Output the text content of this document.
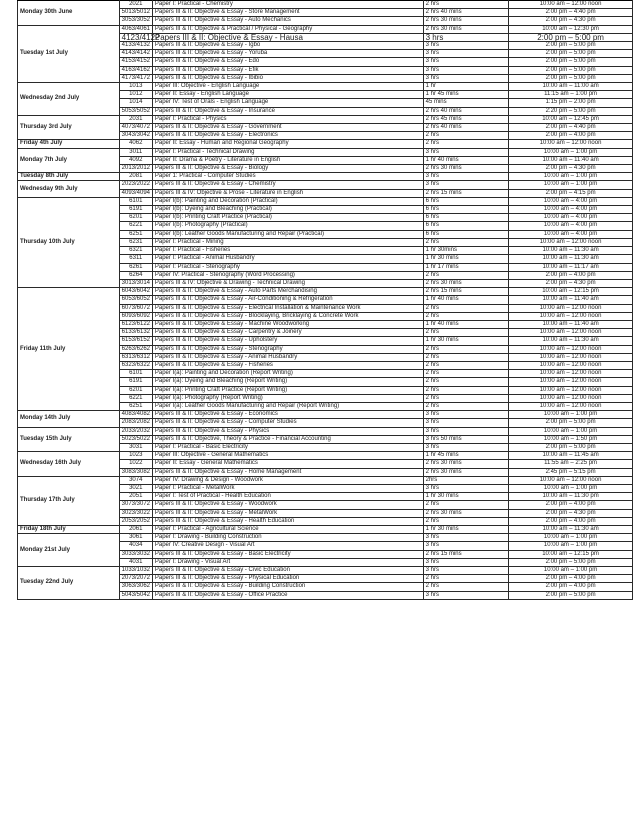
Monday 30th June	2021	Paper I: Practical - Chemistry	2 hrs	10:00 am – 12:00 noon
	5013/5012	Papers III & II: Objective & Essay - Store Management	2 hrs 40 mins	2:00 pm – 4:40 pm
	3053/3052	Papers III & II: Objective & Essay - Auto Mechanics	2 hrs 30 mins	2:00 pm – 4:30 pm
Tuesday 1st July	4063/4061	Papers III & II: Objective & Practical / Physical - Geography	2 hrs 30 mins	10:00 am – 12:30 pm
	4123/4122	Papers III & II: Objective & Essay - Hausa	3 hrs	2:00 pm – 5:00 pm
	4133/4132	Papers III & II: Objective & Essay - Igbo	3 hrs	2:00 pm – 5:00 pm
	4143/4142	Papers III & II: Objective & Essay - Yoruba	3 hrs	2:00 pm – 5:00 pm
	4153/4152	Papers III & II: Objective & Essay - Edo	3 hrs	2:00 pm – 5:00 pm
	4163/4162	Papers III & II: Objective & Essay - Efik	3 hrs	2:00 pm – 5:00 pm
	4173/4172	Papers III & II: Objective & Essay - Ibibio	3 hrs	2:00 pm – 5:00 pm
Wednesday 2nd July	1013	Paper III: Objective - English Language	1 hr	10:00 am – 11:00 am
	1012	Paper II: Essay - English Language	1 hr 45 mins	11:15 am – 1:00 pm
	1014	Paper IV: Test of Orals - English Language	45 mins	1:15 pm – 2:00 pm
	5053/5052	Papers III & II: Objective & Essay - Insurance	2 hrs 40 mins	2:20 pm – 5:00 pm
Thursday 3rd July	2031	Paper I: Practical - Physics	2 hrs 45 mins	10:00 am – 12:45 pm
	4073/4072	Papers III & II: Objective & Essay - Government	2 hrs 40 mins	2:00 pm – 4:40 pm
	3043/3042	Papers III & II: Objective & Essay - Electronics	2 hrs	2:00 pm – 4:00 pm
Friday 4th July	4062	Paper II: Essay - Human and Regional Geography	2 hrs	10:00 am – 12:00 noon
Monday 7th July	3011	Paper I: Practical - Technical Drawing	3 hrs	10:00 am – 1:00 pm
	4092	Paper II: Drama & Poetry - Literature in English	1 hr 40 mins	10:00 am – 11:40 am
	2013/2012	Papers III & II: Objective & Essay - Biology	2 hrs 30 mins	2:00 pm – 4:30 pm
Tuesday 8th July	2081	Paper 1: Practical - Computer Studies	3 hrs	10:00 am – 1:00 pm
Wednesday 9th July	2023/2022	Papers III & II: Objective & Essay - Chemistry	3 hrs	10:00 am – 1:00 pm
	4093/4094	Papers III & IV: Objective & Prose - Literature in English	2 hrs 15 mins	2:00 pm – 4:15 pm
Thursday 10th July	6101	Paper I(b): Painting and Decoration (Practical)	6 hrs	10:00 am – 4:00 pm
	6191	Paper I(b): Dyeing and Bleaching (Practical)	6 hrs	10:00 am – 4:00 pm
	6201	Paper I(b): Printing Craft Practice (Practical)	6 hrs	10:00 am – 4:00 pm
	6221	Paper I(b): Photography (Practical)	6 hrs	10:00 am – 4:00 pm
	6251	Paper I(b): Leather Goods Manufacturing and Repair (Practical)	6 hrs	10:00 am – 4:00 pm
	6231	Paper I: Practical - Mining	2 hrs	10:00 am – 12:00 noon
	6321	Paper I: Practical - Fisheries	1 hr 30mins	10:00 am – 11:30 am
	6311	Paper I: Practical - Animal Husbandry	1 hr 30 mins	10:00 am – 11:30 am
	6261	Paper I: Practical - Stenography	1 hr 17 mins	10:00 am – 11:17 am
	6264	Paper IV: Practical - Stenography (Word Processing)	2 hrs	2:00 pm – 4:00 pm
	3013/3014	Papers III & IV: Objective & Drawing - Technical Drawing	2 hrs 30 mins	2:00 pm – 4:30 pm
Friday 11th July	6043/6042	Papers III & II: Objective & Essay - Auto Parts Merchandising	2 hrs 15 mins	10:00 am – 12:15 pm
	6053/6052	Papers III & II: Objective & Essay - Air-Conditioning & Refrigeration	1 hr 40 mins	10:00 am – 11:40 am
	6073/6072	Papers III & II: Objective & Essay - Electrical Installation & Maintenance Work	2 hrs	10:00 am – 12:00 noon
	6093/6092	Papers III & II: Objective & Essay - Blocklaying, Bricklaying & Concrete Work	2 hrs	10:00 am – 12:00 noon
	6123/6122	Papers III & II: Objective & Essay - Machine Woodworking	1 hr 40 mins	10:00 am – 11:40 am
	6133/6132	Papers III & II: Objective & Essay - Carpentry & Joinery	2 hrs	10:00 am – 12:00 noon
	6153/6152	Papers III & II: Objective & Essay - Upholstery	1 hr 30 mins	10:00 am – 11:30 am
	6263/6262	Papers III & II: Objective & Essay - Stenography	2 hrs	10:00 am – 12:00 noon
	6313/6312	Papers III & II: Objective & Essay - Animal Husbandry	2 hrs	10:00 am – 12:00 noon
	6323/6322	Papers III & II: Objective & Essay - Fisheries	2 hrs	10:00 am – 12:00 noon
	6101	Paper I(a): Painting and Decoration (Report Writing)	2 hrs	10:00 am – 12:00 noon
	6191	Paper I(a): Dyeing and Bleaching (Report Writing)	2 hrs	10:00 am – 12:00 noon
	6201	Paper I(a): Printing Craft Practice (Report Writing)	2 hrs	10:00 am – 12:00 noon
	6221	Paper I(a): Photography (Report Writing)	2 hrs	10:00 am – 12:00 noon
	6251	Paper I(a): Leather Goods Manufacturing and Repair (Report Writing)	2 hrs	10:00 am – 12:00 noon
Monday 14th July	4083/4082	Papers III & II: Objective & Essay - Economics	3 hrs	10:00 am – 1:00 pm
	2083/2082	Papers III & II: Objective & Essay - Computer Studies	3 hrs	2:00 pm – 5:00 pm
Tuesday 15th July	2033/2032	Papers III & II: Objective & Essay - Physics	3 hrs	10:00 am – 1:00 pm
	5023/5022	Papers III & II: Objective, Theory & Practice - Financial Accounting	3 hrs 50 mins	10:00 am – 1:50 pm
	3031	Paper I: Practical - Basic Electricity	3 hrs	2:00 pm – 5:00 pm
Wednesday 16th July	1023	Paper III: Objective - General Mathematics	1 hr 45 mins	10:00 am – 11:45 am
	1022	Paper II: Essay - General Mathematics	2 hrs 30 mins	11:55 am – 2:25 pm
	3083/3082	Papers III & II: Objective & Essay - Home Management	2 hrs 30 mins	2:45 pm – 5:15 pm
Thursday 17th July	3074	Paper IV: Drawing & Design - Woodwork	2hrs	10:00 am – 12:00 noon
	3021	Paper I: Practical - MetalWork	3 hrs	10:00 am – 1:00 pm
	2051	Paper I: Test of Practical - Health Education	1 hr 30 mins	10:00 am – 11:30 pm
	3073/3072	Papers III & II: Objective & Essay - Woodwork	2 hrs	2:00 pm – 4:00 pm
	3023/3022	Papers III & II: Objective & Essay - MetalWork	2 hrs 30 mins	2:00 pm – 4:30 pm
	2053/2052	Papers III & II: Objective & Essay - Health Education	2 hrs	2:00 pm – 4:00 pm
Friday 18th July	2061	Paper I: Practical - Agricultural Science	1 hr 30 mins	10:00 am – 11:30 am
Monday 21st July	3061	Paper I: Drawing - Building Construction	3 hrs	10:00 am – 1:00 pm
	4034	Paper IV: Creative Design - Visual Art	3 hrs	10:00 am – 1:00 pm
	3033/3032	Papers III & II: Objective & Essay - Basic Electricity	2 hrs 15 mins	10:00 am – 12:15 pm
	4031	Paper I: Drawing - Visual Art	3 hrs	2:00 pm – 5:00 pm
Tuesday 22nd July	1033/1032	Papers III & II: Objective & Essay - Civic Education	3 hrs	10:00 am – 1:00 pm
	2073/2072	Papers III & II: Objective & Essay - Physical Education	2 hrs	2:00 pm – 4:00 pm
	3063/3062	Papers III & II: Objective & Essay - Building Construction	2 hrs	2:00 pm – 4:00 pm
	5043/5042	Papers III & II: Objective & Essay - Office Practice	3 hrs	2:00 pm – 5:00 pm
